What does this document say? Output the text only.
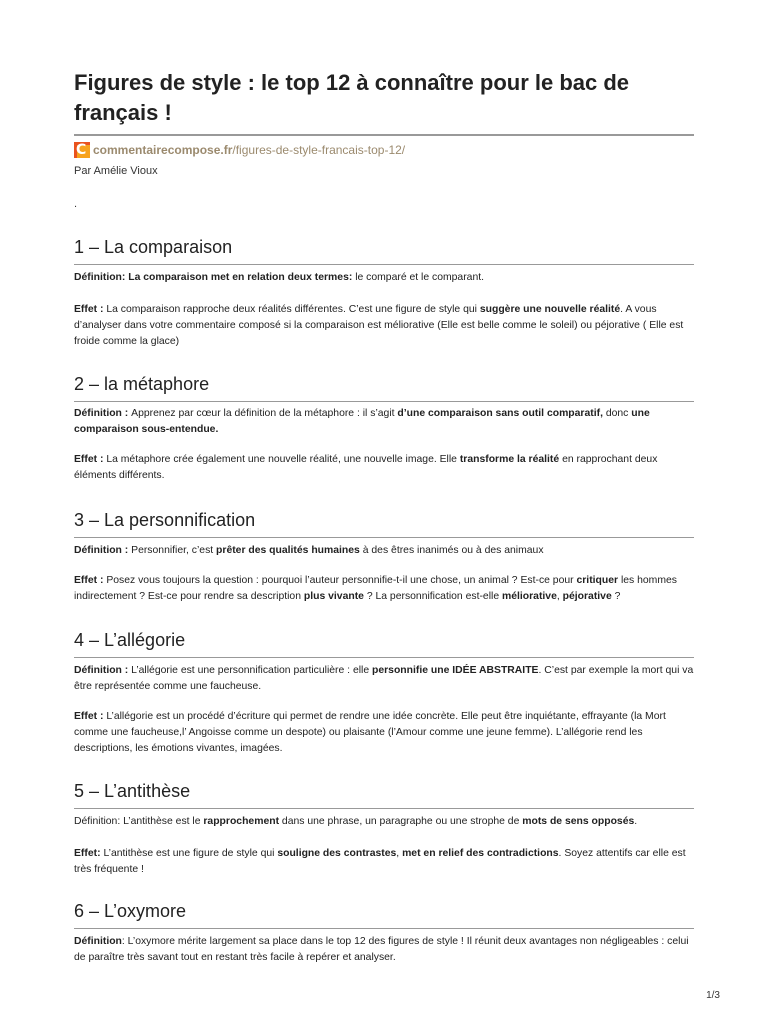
Figures de style : le top 12 à connaître pour le bac de français !
C commentairecompose.fr /figures-de-style-francais-top-12/
Par Amélie Vioux
.
1 – La comparaison

Définition: La comparaison met en relation deux termes: le comparé et le comparant.

Effet : La comparaison rapproche deux réalités différentes. C’est une figure de style qui suggère une nouvelle réalité. A vous d’analyser dans votre commentaire composé si la comparaison est méliorative (Elle est belle comme le soleil) ou péjorative ( Elle est froide comme la glace)

2 – la métaphore

Définition : Apprenez par cœur la définition de la métaphore : il s’agit d’une comparaison sans outil comparatif, donc une comparaison sous-entendue.

Effet : La métaphore crée également une nouvelle réalité, une nouvelle image. Elle transforme la réalité en rapprochant deux éléments différents.

3 – La personnification

Définition : Personnifier, c’est prêter des qualités humaines à des êtres inanimés ou à des animaux

Effet : Posez vous toujours la question : pourquoi l’auteur personnifie-t-il une chose, un animal ? Est-ce pour critiquer les hommes indirectement ? Est-ce pour rendre sa description plus vivante ? La personnification est-elle méliorative, péjorative ?

4 – L’allégorie

Définition : L’allégorie est une personnification particulière : elle personnifie une IDÉE ABSTRAITE. C’est par exemple la mort qui va être représentée comme une faucheuse.

Effet : L’allégorie est un procédé d’écriture qui permet de rendre une idée concrète. Elle peut être inquiétante, effrayante (la Mort comme une faucheuse,l’ Angoisse comme un despote) ou plaisante (l’Amour comme une jeune femme). L’allégorie rend les descriptions, les émotions vivantes, imagées.

5 – L’antithèse

Définition: L’antithèse est le rapprochement dans une phrase, un paragraphe ou une strophe de mots de sens opposés.

Effet: L’antithèse est une figure de style qui souligne des contrastes, met en relief des contradictions. Soyez attentifs car elle est très fréquente !

6 – L’oxymore

Définition: L’oxymore mérite largement sa place dans le top 12 des figures de style ! Il réunit deux avantages non négligeables : celui de paraître très savant tout en restant très facile à repérer et analyser.

1/3
